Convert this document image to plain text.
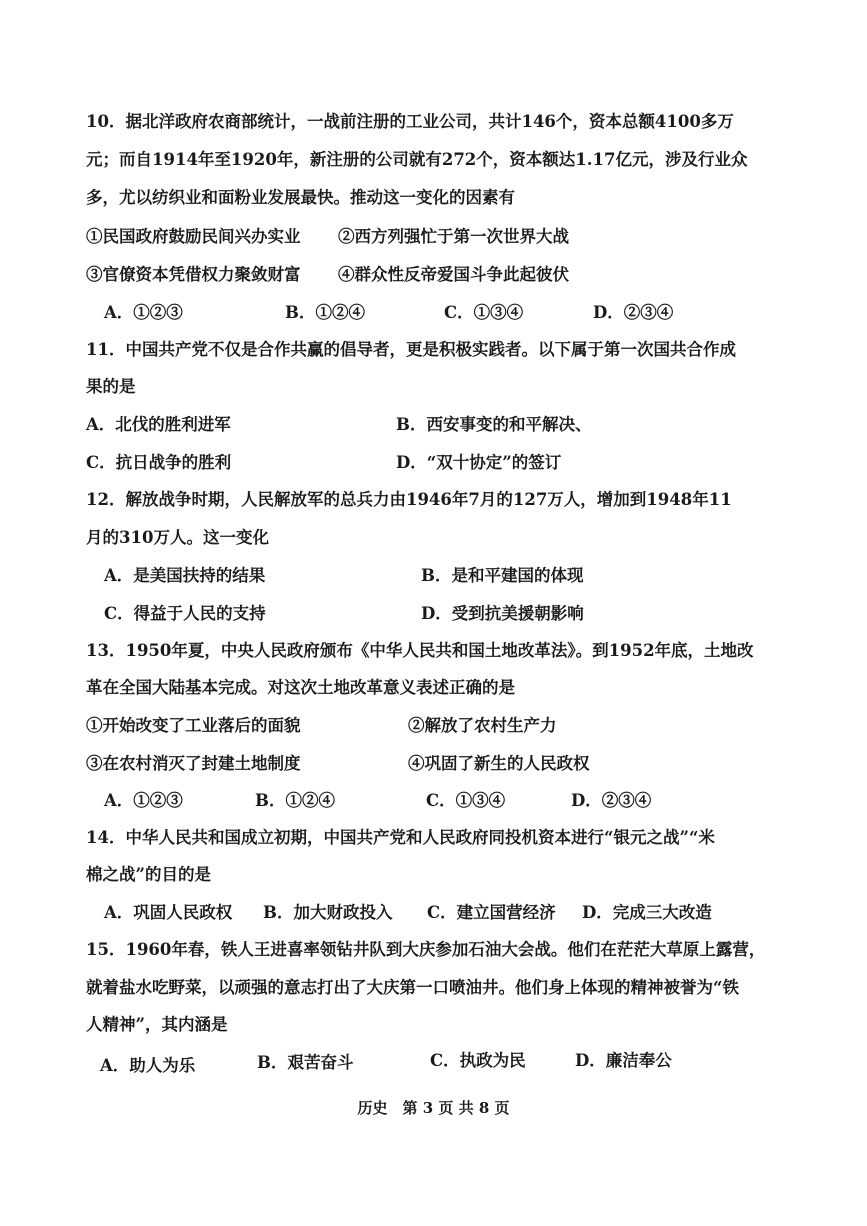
10．据北洋政府农商部统计，一战前注册的工业公司，共计146个，资本总额4100多万
元；而自1914年至1920年，新注册的公司就有272个，资本额达1.17亿元，涉及行业众
多，尤以纺织业和面粉业发展最快。推动这一变化的因素有
①民国政府鼓励民间兴办实业 ②西方列强忙于第一次世界大战
③官僚资本凭借权力聚敛财富 ④群众性反帝爱国斗争此起彼伏
A．①②③	B．①②④	C．①③④	D．②③④
11．中国共产党不仅是合作共赢的倡导者，更是积极实践者。以下属于第一次国共合作成
果的是
A．北伐的胜利进军	B．西安事变的和平解决、
C．抗日战争的胜利	D．“双十协定”的签订
12．解放战争时期，人民解放军的总兵力由1946年7月的127万人，增加到1948年11
月的310万人。这一变化
A．是美国扶持的结果	B．是和平建国的体现
C．得益于人民的支持	D．受到抗美援朝影响
13．1950年夏，中央人民政府颁布《中华人民共和国土地改革法》。到1952年底，土地改
革在全国大陆基本完成。对这次土地改革意义表述正确的是
①开始改变了工业落后的面貌	②解放了农村生产力
③在农村消灭了封建土地制度	④巩固了新生的人民政权
A．①②③	B．①②④	C．①③④	D．②③④
14．中华人民共和国成立初期，中国共产党和人民政府同投机资本进行“银元之战”“米
棉之战”的目的是
A．巩固人民政权 B．加大财政投入 C．建立国营经济 D．完成三大改造
15．1960年春，铁人王进喜率领钻井队到大庆参加石油大会战。他们在茫茫大草原上露营，
就着盐水吃野菜，以顽强的意志打出了大庆第一口喷油井。他们身上体现的精神被誉为“铁
人精神”，其内涵是
A．助人为乐	B．艰苦奋斗	C．执政为民	D．廉洁奉公
历史　第 3 页 共 8 页
